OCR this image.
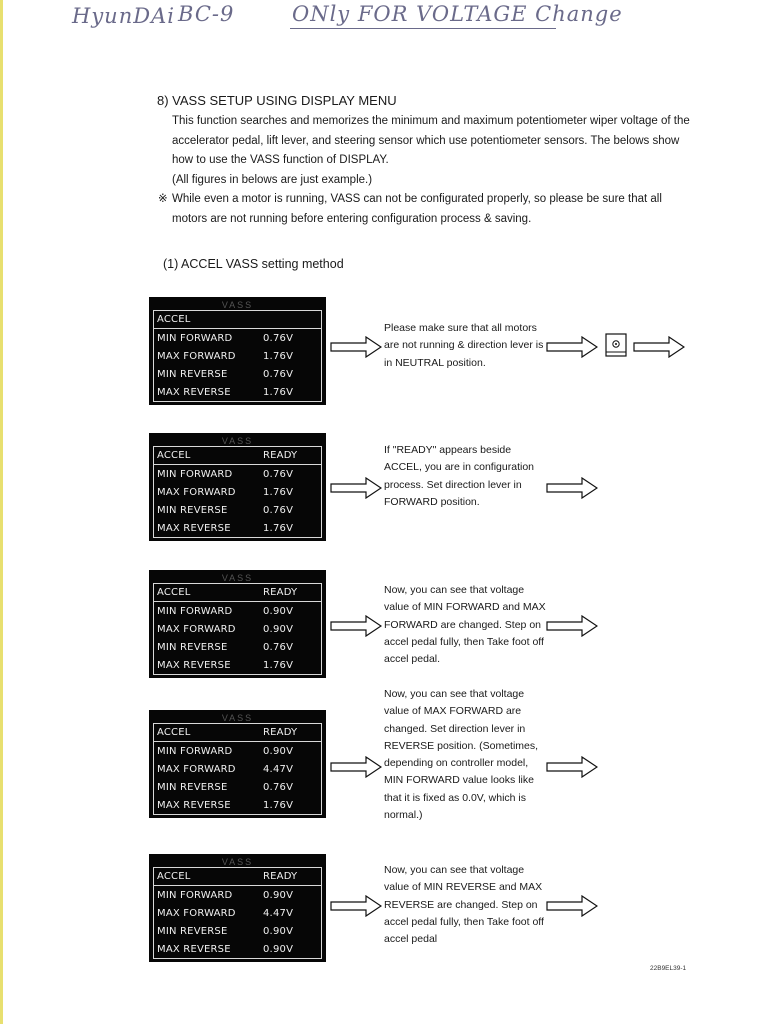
HyunDAi BC-9	ONly FOR VOLTAGE Change
8) VASS SETUP USING DISPLAY MENU

This function searches and memorizes the minimum and maximum potentiometer wiper voltage of the accelerator pedal, lift lever, and steering sensor which use potentiometer sensors. The belows show how to use the VASS function of DISPLAY.
(All figures in belows are just example.)

※ While even a motor is running, VASS can not be configurated properly, so please be sure that all motors are not running before entering configuration process & saving.
(1) ACCEL VASS setting method
VASS
ACCEL
MIN FORWARD	0.76V
MAX FORWARD	1.76V
MIN REVERSE	0.76V
MAX REVERSE	1.76V

Please make sure that all motors are not running & direction lever is in NEUTRAL position.

VASS
ACCEL	READY
MIN FORWARD	0.76V
MAX FORWARD	1.76V
MIN REVERSE	0.76V
MAX REVERSE	1.76V

If "READY" appears beside ACCEL, you are in configuration process. Set direction lever in FORWARD position.

VASS
ACCEL	READY
MIN FORWARD	0.90V
MAX FORWARD	0.90V
MIN REVERSE	0.76V
MAX REVERSE	1.76V

Now, you can see that voltage value of MIN FORWARD and MAX FORWARD are changed. Step on accel pedal fully, then Take foot off accel pedal.

VASS
ACCEL	READY
MIN FORWARD	0.90V
MAX FORWARD	4.47V
MIN REVERSE	0.76V
MAX REVERSE	1.76V

Now, you can see that voltage value of MAX FORWARD are changed. Set direction lever in REVERSE position. (Sometimes, depending on controller model, MIN FORWARD value looks like that it is fixed as 0.0V, which is normal.)

VASS
ACCEL	READY
MIN FORWARD	0.90V
MAX FORWARD	4.47V
MIN REVERSE	0.90V
MAX REVERSE	0.90V

Now, you can see that voltage value of MIN REVERSE and MAX REVERSE are changed. Step on accel pedal fully, then Take foot off accel pedal

22B9EL39-1
